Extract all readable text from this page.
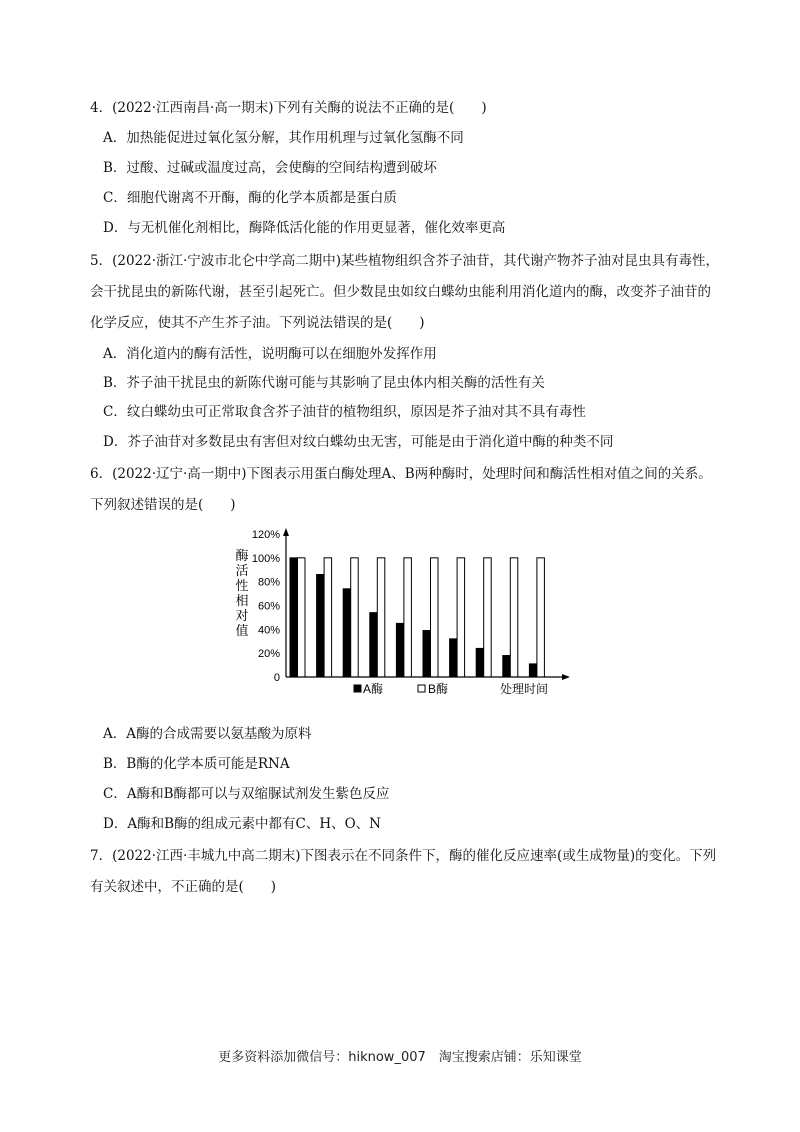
4．(2022·江西南昌·高一期末)下列有关酶的说法不正确的是(　　)
A．加热能促进过氧化氢分解，其作用机理与过氧化氢酶不同
B．过酸、过碱或温度过高，会使酶的空间结构遭到破坏
C．细胞代谢离不开酶，酶的化学本质都是蛋白质
D．与无机催化剂相比，酶降低活化能的作用更显著，催化效率更高
5．(2022·浙江·宁波市北仑中学高二期中)某些植物组织含芥子油苷，其代谢产物芥子油对昆虫具有毒性，
会干扰昆虫的新陈代谢，甚至引起死亡。但少数昆虫如纹白蝶幼虫能利用消化道内的酶，改变芥子油苷的
化学反应，使其不产生芥子油。下列说法错误的是(　　)
A．消化道内的酶有活性，说明酶可以在细胞外发挥作用
B．芥子油干扰昆虫的新陈代谢可能与其影响了昆虫体内相关酶的活性有关
C．纹白蝶幼虫可正常取食含芥子油苷的植物组织，原因是芥子油对其不具有毒性
D．芥子油苷对多数昆虫有害但对纹白蝶幼虫无害，可能是由于消化道中酶的种类不同
6．(2022·辽宁·高一期中)下图表示用蛋白酶处理A、B两种酶时，处理时间和酶活性相对值之间的关系。
下列叙述错误的是(　　)
0
20%
40%
60%
80%
100%
120%
酶
活
性
相
对
值
A酶	B酶	处理时间
A．A酶的合成需要以氨基酸为原料
B．B酶的化学本质可能是RNA
C．A酶和B酶都可以与双缩脲试剂发生紫色反应
D．A酶和B酶的组成元素中都有C、H、O、N
7．(2022·江西·丰城九中高二期末)下图表示在不同条件下，酶的催化反应速率(或生成物量)的变化。下列
有关叙述中，不正确的是(　　)
更多资料添加微信号：hiknow_007　淘宝搜索店铺：乐知课堂
